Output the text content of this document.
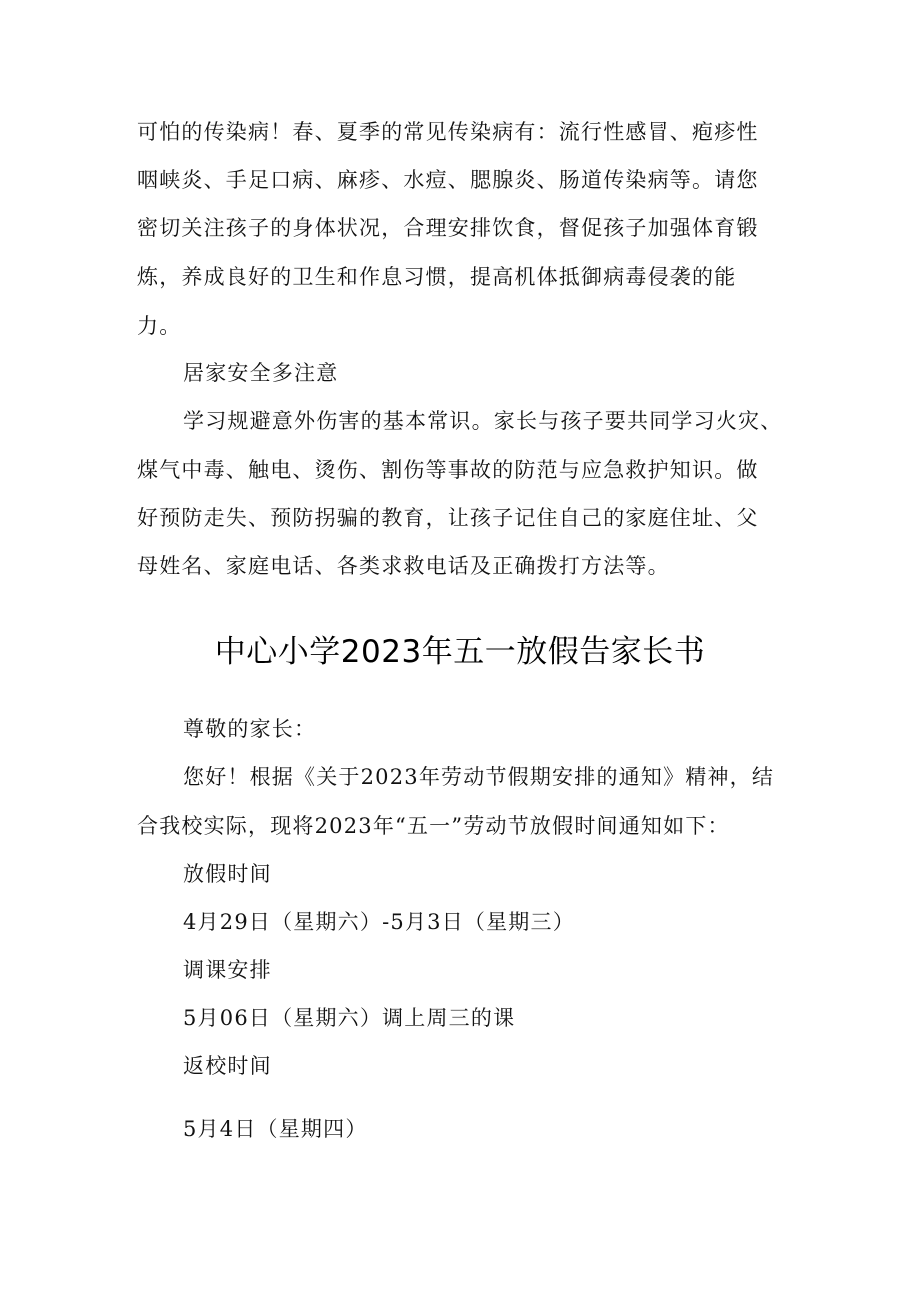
可怕的传染病！春、夏季的常见传染病有：流行性感冒、疱疹性
咽峡炎、手足口病、麻疹、水痘、腮腺炎、肠道传染病等。请您
密切关注孩子的身体状况，合理安排饮食，督促孩子加强体育锻
炼，养成良好的卫生和作息习惯，提高机体抵御病毒侵袭的能
力。
居家安全多注意
学习规避意外伤害的基本常识。家长与孩子要共同学习火灾、
煤气中毒、触电、烫伤、割伤等事故的防范与应急救护知识。做
好预防走失、预防拐骗的教育，让孩子记住自己的家庭住址、父
母姓名、家庭电话、各类求救电话及正确拨打方法等。
中心小学2023年五一放假告家长书
尊敬的家长：
您好！根据《关于2023年劳动节假期安排的通知》精神，结
合我校实际，现将2023年“五一”劳动节放假时间通知如下：
放假时间
4月29日（星期六）-5月3日（星期三）
调课安排
5月06日（星期六）调上周三的课
返校时间
5月4日（星期四）
